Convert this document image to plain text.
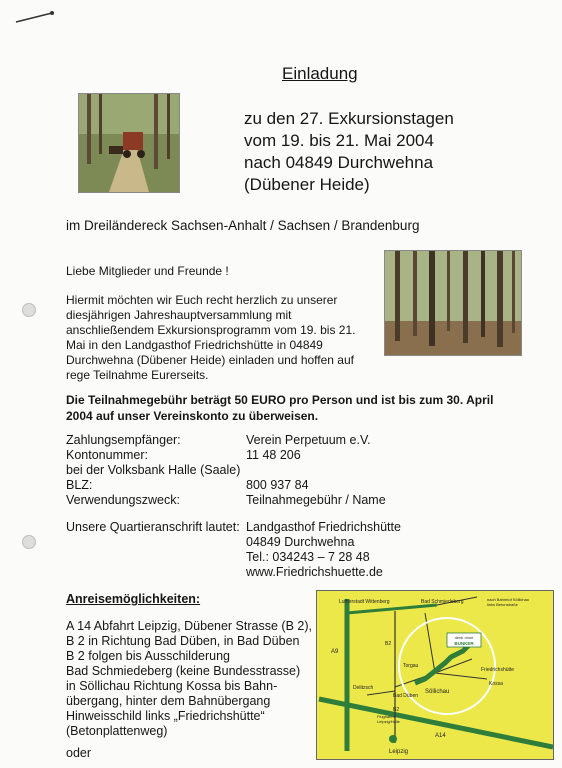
Einladung
zu den 27. Exkursionstagen
vom 19. bis 21. Mai 2004
nach 04849 Durchwehna
(Dübener Heide)
im Dreiländereck Sachsen-Anhalt / Sachsen / Brandenburg
Liebe Mitglieder und Freunde !
Hiermit möchten wir Euch recht herzlich zu unserer
diesjährigen Jahreshauptversammlung mit
anschließendem Exkursionsprogramm vom 19. bis 21.
Mai in den Landgasthof Friedrichshütte in 04849
Durchwehna (Dübener Heide) einladen und hoffen auf
rege Teilnahme Eurerseits.
Die Teilnahmegebühr beträgt 50 EURO pro Person und ist bis zum 30. April
2004 auf unser Vereinskonto zu überweisen.
Zahlungsempfänger:	Verein Perpetuum e.V.
Kontonummer:	11 48 206
bei der Volksbank Halle (Saale)
BLZ:	800 937 84
Verwendungszweck:	Teilnahmegebühr / Name
Unsere Quartieranschrift lautet: Landgasthof Friedrichshütte
04849 Durchwehna
Tel.: 034243 – 7 28 48
www.Friedrichshuette.de
Anreisemöglichkeiten:
A 14 Abfahrt Leipzig, Dübener Strasse (B 2),
B 2 in Richtung Bad Düben, in Bad Düben
B 2 folgen bis Ausschilderung
Bad Schmiedeberg (keine Bundesstrasse)
in Söllichau Richtung Kossa bis Bahn-
übergang, hinter dem Bahnübergang
Hinweisschild links „Friedrichshütte“
(Betonplattenweg)
oder
denk ohne
BUNKER
Lutherstadt Wittenberg	Bad Schmiedeberg	nach Bahnhof Söllichau
links Betonstraße
A9
B2
B2
Torgau
Delitzsch
Bad Düben
Söllichau
Friedrichshütte
Kossa
Flughafen
Leipzig/Halle
Leipzig
A14
